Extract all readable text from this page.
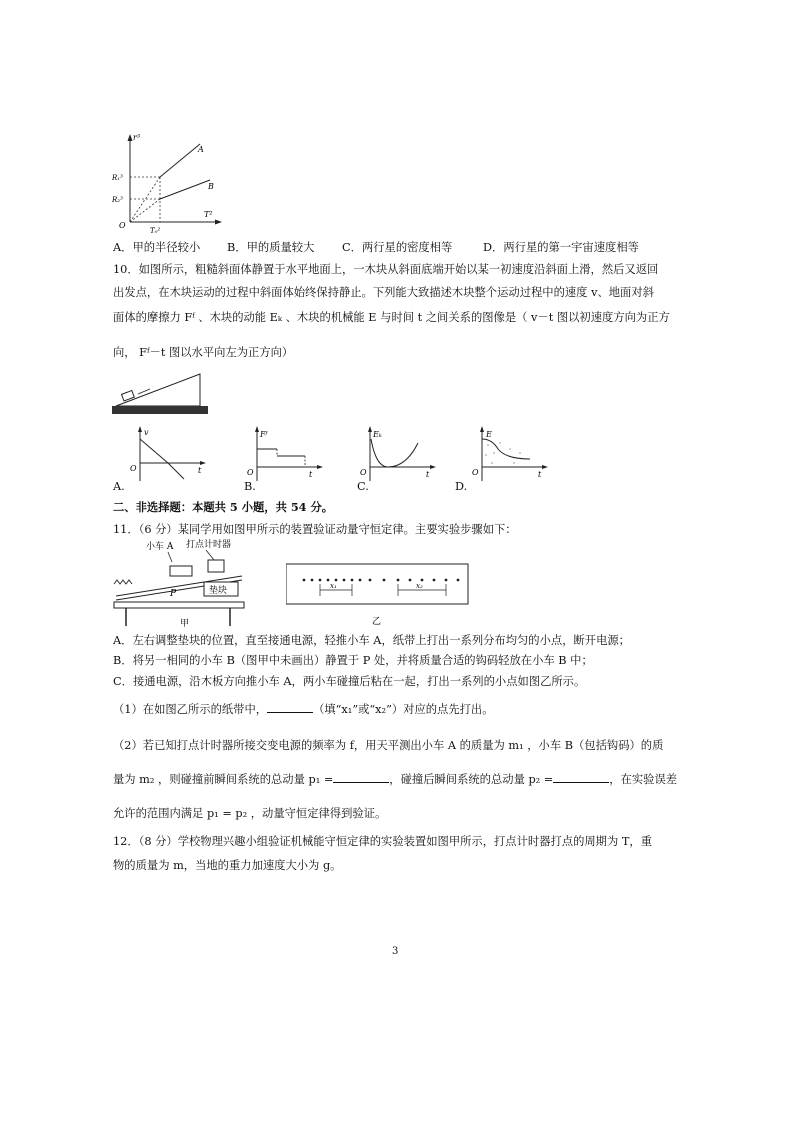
r³
T²
O
R₁³
R₂³
T₀²
A
B
A．甲的半径较小 B．甲的质量较大 C．两行星的密度相等	D．两行星的第一宇宙速度相等
10．如图所示，粗糙斜面体静置于水平地面上，一木块从斜面底端开始以某一初速度沿斜面上滑，然后又返回
出发点，在木块运动的过程中斜面体始终保持静止。下列能大致描述木块整个运动过程中的速度 v、地面对斜
面体的摩擦力 Fᶠ 、木块的动能 Eₖ 、木块的机械能 E 与时间 t 之间关系的图像是（ v－t 图以初速度方向为正方
向， Fᶠ－t 图以水平向左为正方向）
v
O	t
A.
Fᶠ
O	t
B.
Eₖ
O	t
C.
E
O	t
D.
二、非选择题：本题共 5 小题，共 54 分。
11．（6 分）某同学用如图甲所示的装置验证动量守恒定律。主要实验步骤如下：
小车 A 打点计时器
垫块
P
甲
x₁	x₂
乙
A．左右调整垫块的位置，直至接通电源，轻推小车 A，纸带上打出一系列分布均匀的小点，断开电源；
B．将另一相同的小车 B（图甲中未画出）静置于 P 处，并将质量合适的钩码轻放在小车 B 中；
C．接通电源，沿木板方向推小车 A，两小车碰撞后粘在一起，打出一系列的小点如图乙所示。
（1）在如图乙所示的纸带中，	（填“x₁”或“x₂”）对应的点先打出。
（2）若已知打点计时器所接交变电源的频率为 f，用天平测出小车 A 的质量为 m₁ ，小车 B（包括钩码）的质
量为 m₂ ，则碰撞前瞬间系统的总动量 p₁ =	，碰撞后瞬间系统的总动量 p₂ =	，在实验误差
允许的范围内满足 p₁ = p₂ ，动量守恒定律得到验证。
12．（8 分）学校物理兴趣小组验证机械能守恒定律的实验装置如图甲所示，打点计时器打点的周期为 T，重
物的质量为 m，当地的重力加速度大小为 g。
3
